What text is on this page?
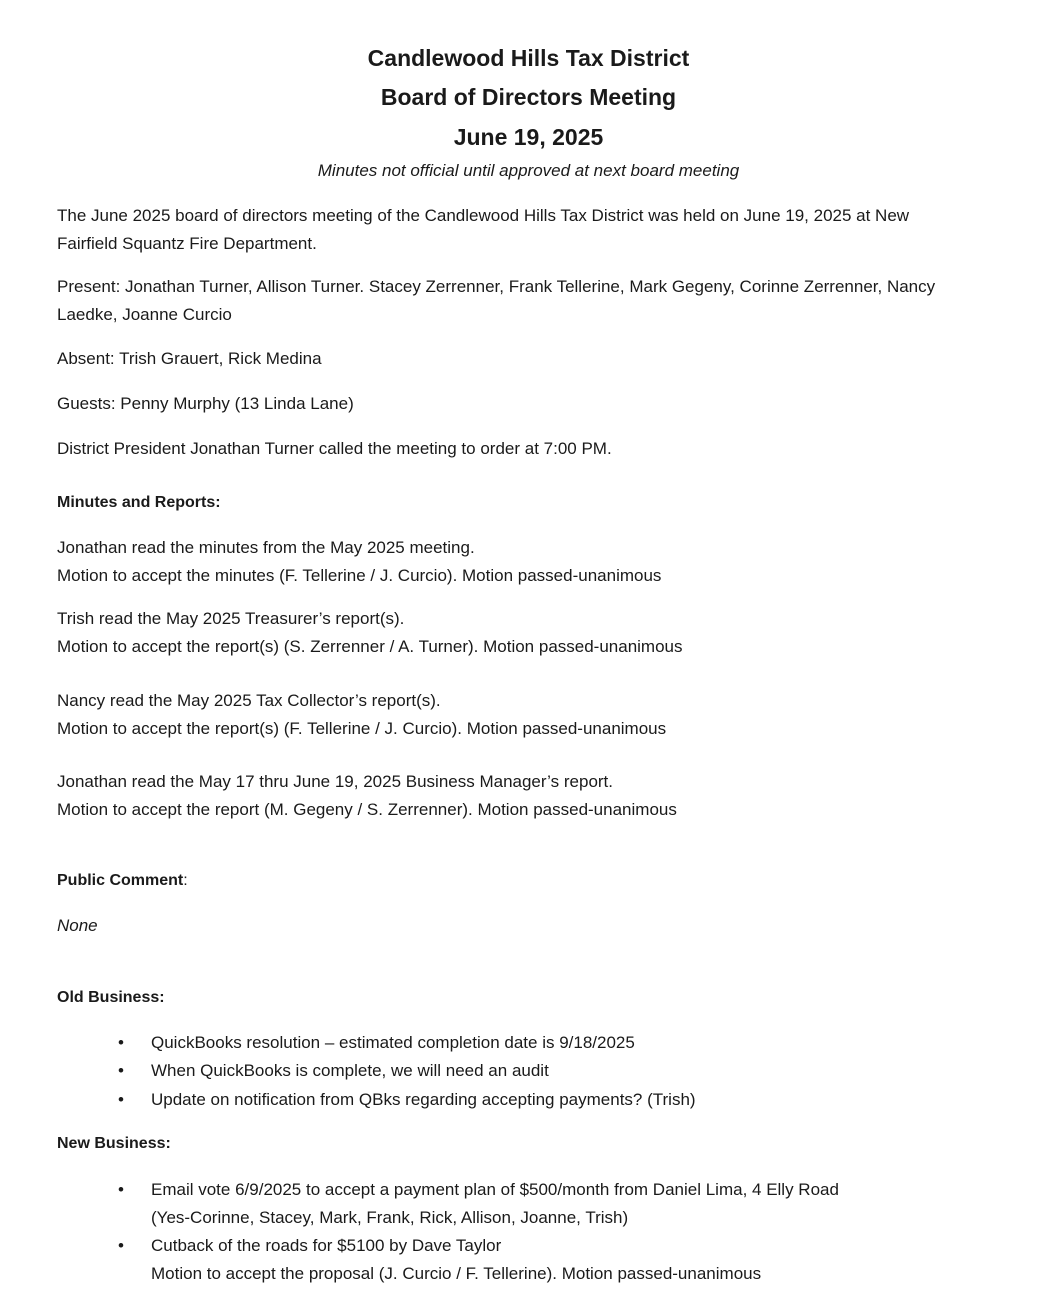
Candlewood Hills Tax District
Board of Directors Meeting
June 19, 2025
Minutes not official until approved at next board meeting
The June 2025 board of directors meeting of the Candlewood Hills Tax District was held on June 19, 2025 at New
Fairfield Squantz Fire Department.
Present: Jonathan Turner, Allison Turner. Stacey Zerrenner, Frank Tellerine, Mark Gegeny, Corinne Zerrenner, Nancy
Laedke, Joanne Curcio
Absent: Trish Grauert, Rick Medina
Guests: Penny Murphy (13 Linda Lane)
District President Jonathan Turner called the meeting to order at 7:00 PM.
Minutes and Reports:
Jonathan read the minutes from the May 2025 meeting.
Motion to accept the minutes (F. Tellerine / J. Curcio). Motion passed-unanimous
Trish read the May 2025 Treasurer’s report(s).
Motion to accept the report(s) (S. Zerrenner / A. Turner). Motion passed-unanimous
Nancy read the May 2025 Tax Collector’s report(s).
Motion to accept the report(s) (F. Tellerine / J. Curcio). Motion passed-unanimous
Jonathan read the May 17 thru June 19, 2025 Business Manager’s report.
Motion to accept the report (M. Gegeny / S. Zerrenner). Motion passed-unanimous
Public Comment:
None
Old Business:
•	QuickBooks resolution – estimated completion date is 9/18/2025
•	When QuickBooks is complete, we will need an audit
•	Update on notification from QBks regarding accepting payments? (Trish)
New Business:
•	Email vote 6/9/2025 to accept a payment plan of $500/month from Daniel Lima, 4 Elly Road
(Yes-Corinne, Stacey, Mark, Frank, Rick, Allison, Joanne, Trish)
•	Cutback of the roads for $5100 by Dave Taylor
Motion to accept the proposal (J. Curcio / F. Tellerine). Motion passed-unanimous
